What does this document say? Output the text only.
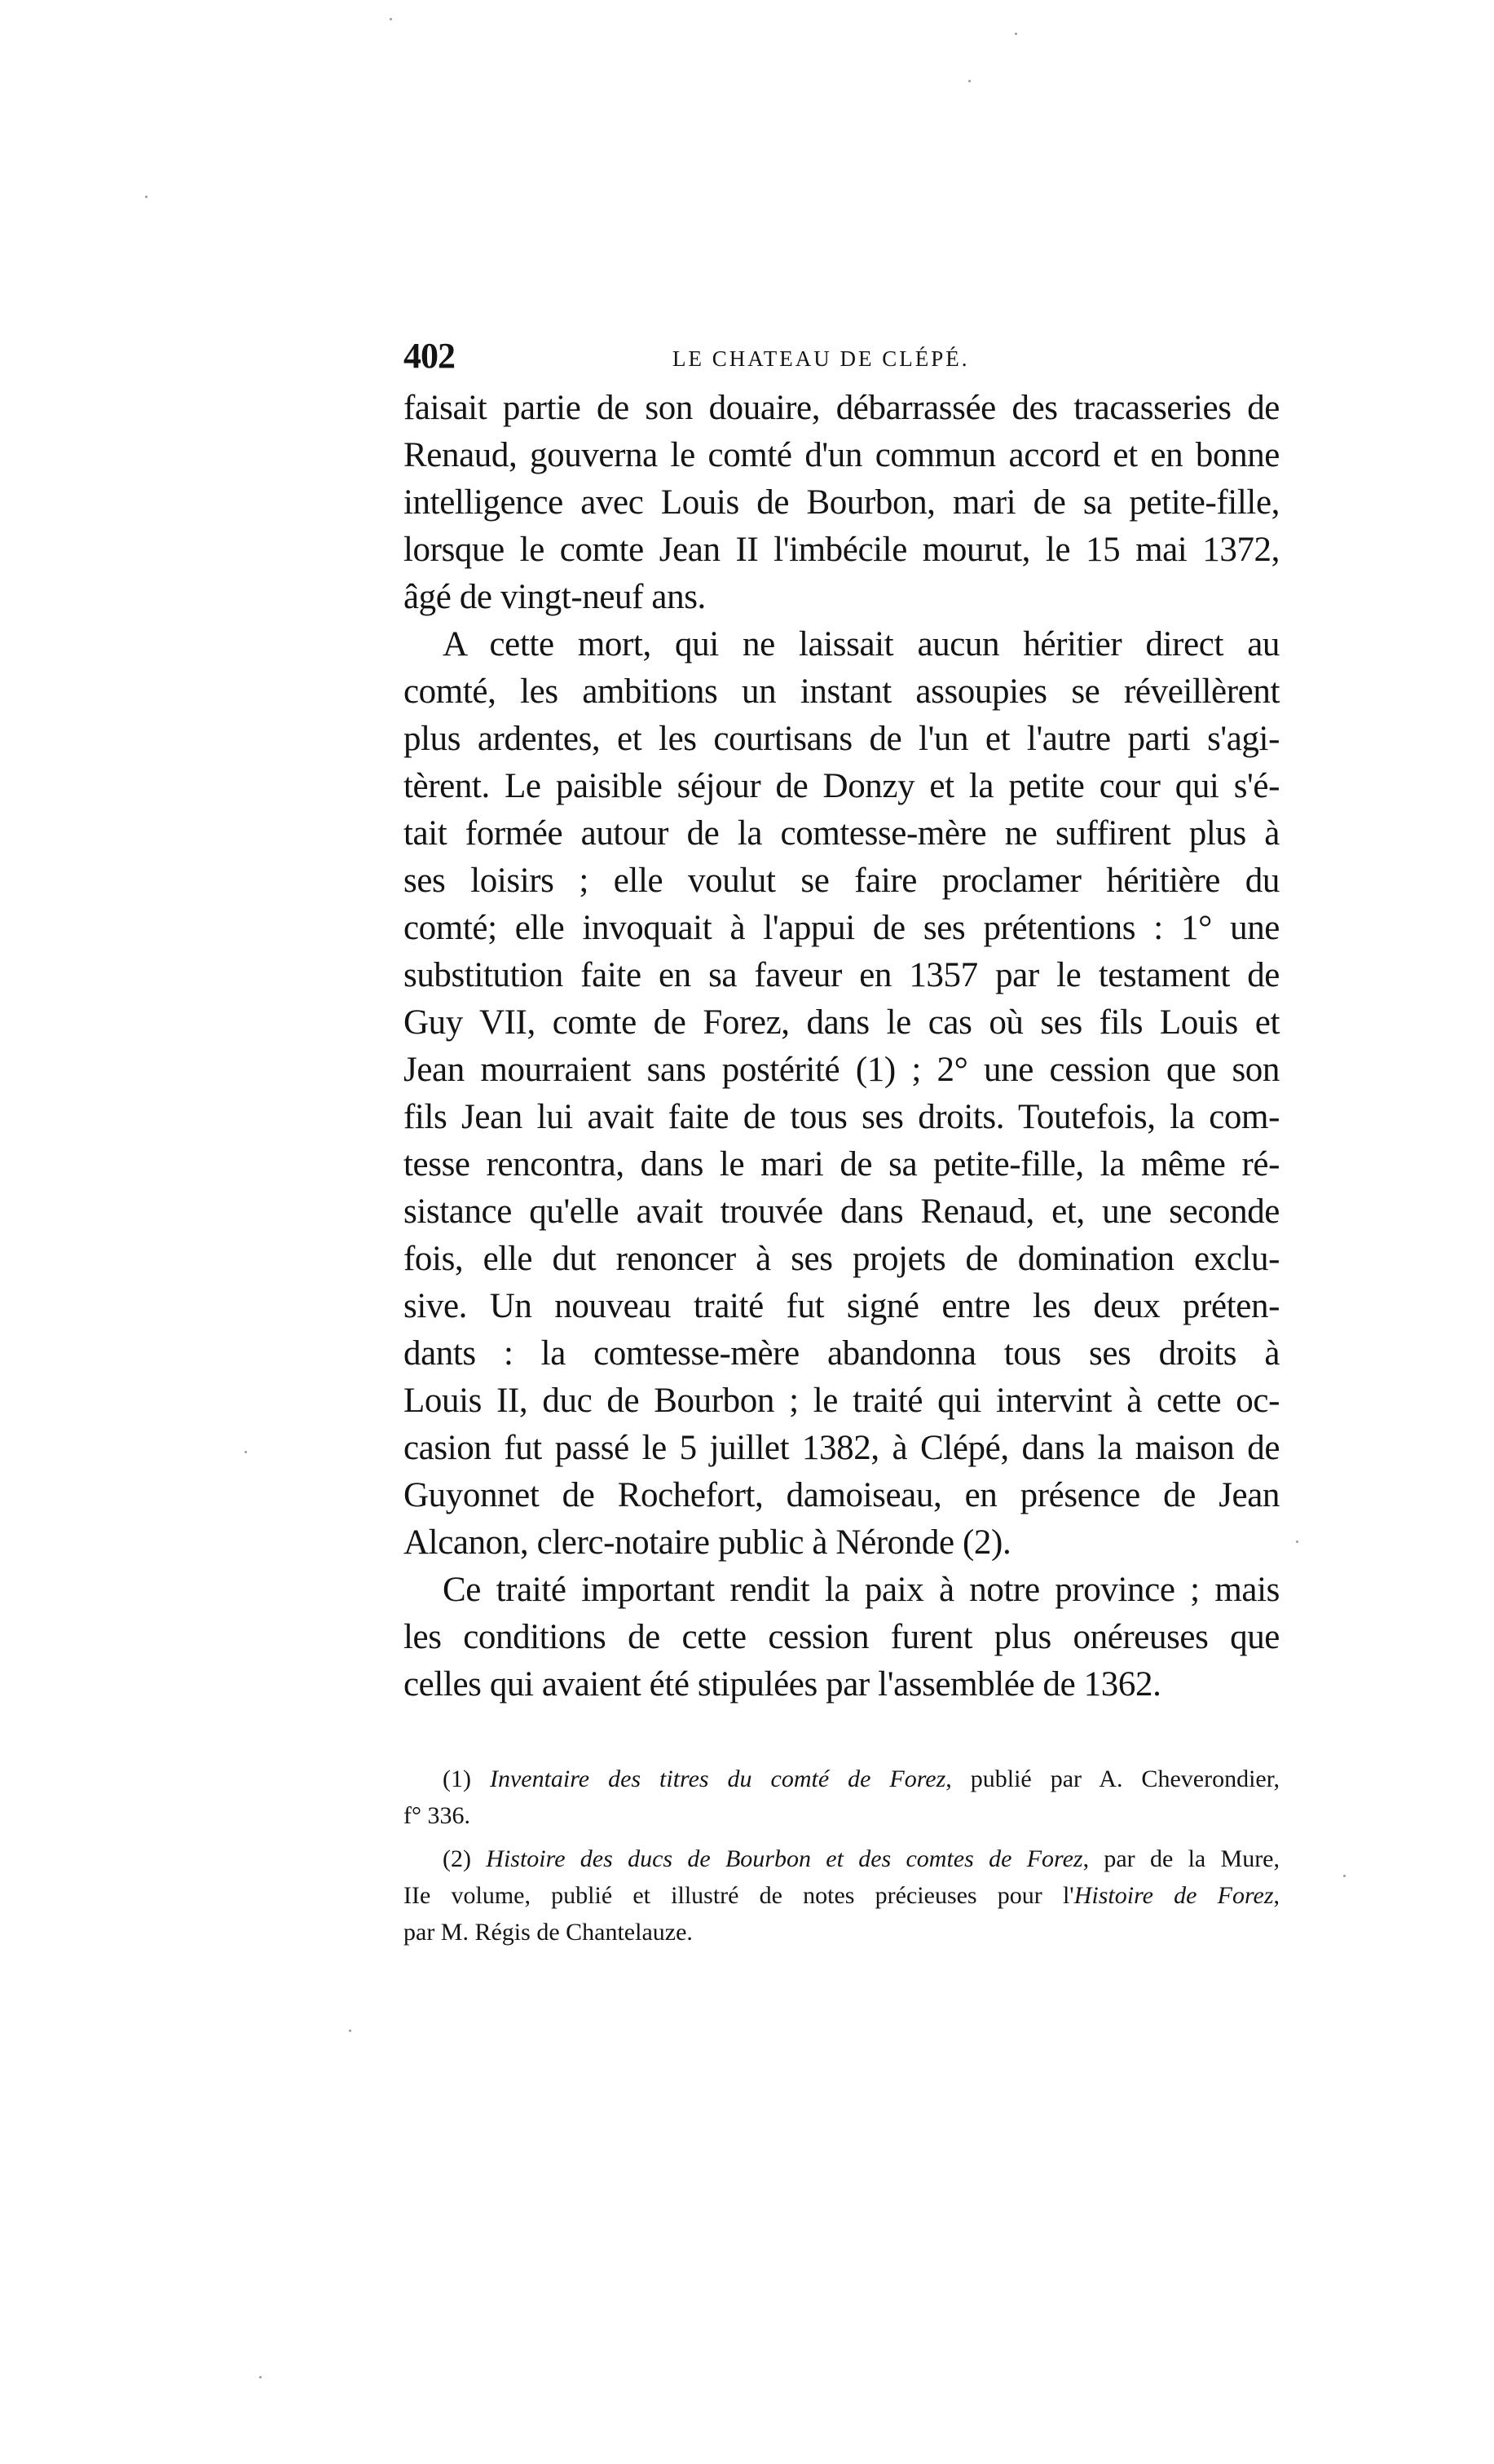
402	LE CHATEAU DE CLÉPÉ.
faisait partie de son douaire, débarrassée des tracasseries de
Renaud, gouverna le comté d'un commun accord et en bonne
intelligence avec Louis de Bourbon, mari de sa petite-fille,
lorsque le comte Jean II l'imbécile mourut, le 15 mai 1372,
âgé de vingt-neuf ans.
A cette mort, qui ne laissait aucun héritier direct au
comté, les ambitions un instant assoupies se réveillèrent
plus ardentes, et les courtisans de l'un et l'autre parti s'agi-
tèrent. Le paisible séjour de Donzy et la petite cour qui s'é-
tait formée autour de la comtesse-mère ne suffirent plus à
ses loisirs ; elle voulut se faire proclamer héritière du
comté; elle invoquait à l'appui de ses prétentions : 1° une
substitution faite en sa faveur en 1357 par le testament de
Guy VII, comte de Forez, dans le cas où ses fils Louis et
Jean mourraient sans postérité (1) ; 2° une cession que son
fils Jean lui avait faite de tous ses droits. Toutefois, la com-
tesse rencontra, dans le mari de sa petite-fille, la même ré-
sistance qu'elle avait trouvée dans Renaud, et, une seconde
fois, elle dut renoncer à ses projets de domination exclu-
sive. Un nouveau traité fut signé entre les deux préten-
dants : la comtesse-mère abandonna tous ses droits à
Louis II, duc de Bourbon ; le traité qui intervint à cette oc-
casion fut passé le 5 juillet 1382, à Clépé, dans la maison de
Guyonnet de Rochefort, damoiseau, en présence de Jean
Alcanon, clerc-notaire public à Néronde (2).
Ce traité important rendit la paix à notre province ; mais
les conditions de cette cession furent plus onéreuses que
celles qui avaient été stipulées par l'assemblée de 1362.
(1) Inventaire des titres du comté de Forez, publié par A. Cheverondier,
f° 336.
(2) Histoire des ducs de Bourbon et des comtes de Forez, par de la Mure,
IIe volume, publié et illustré de notes précieuses pour l'Histoire de Forez,
par M. Régis de Chantelauze.
